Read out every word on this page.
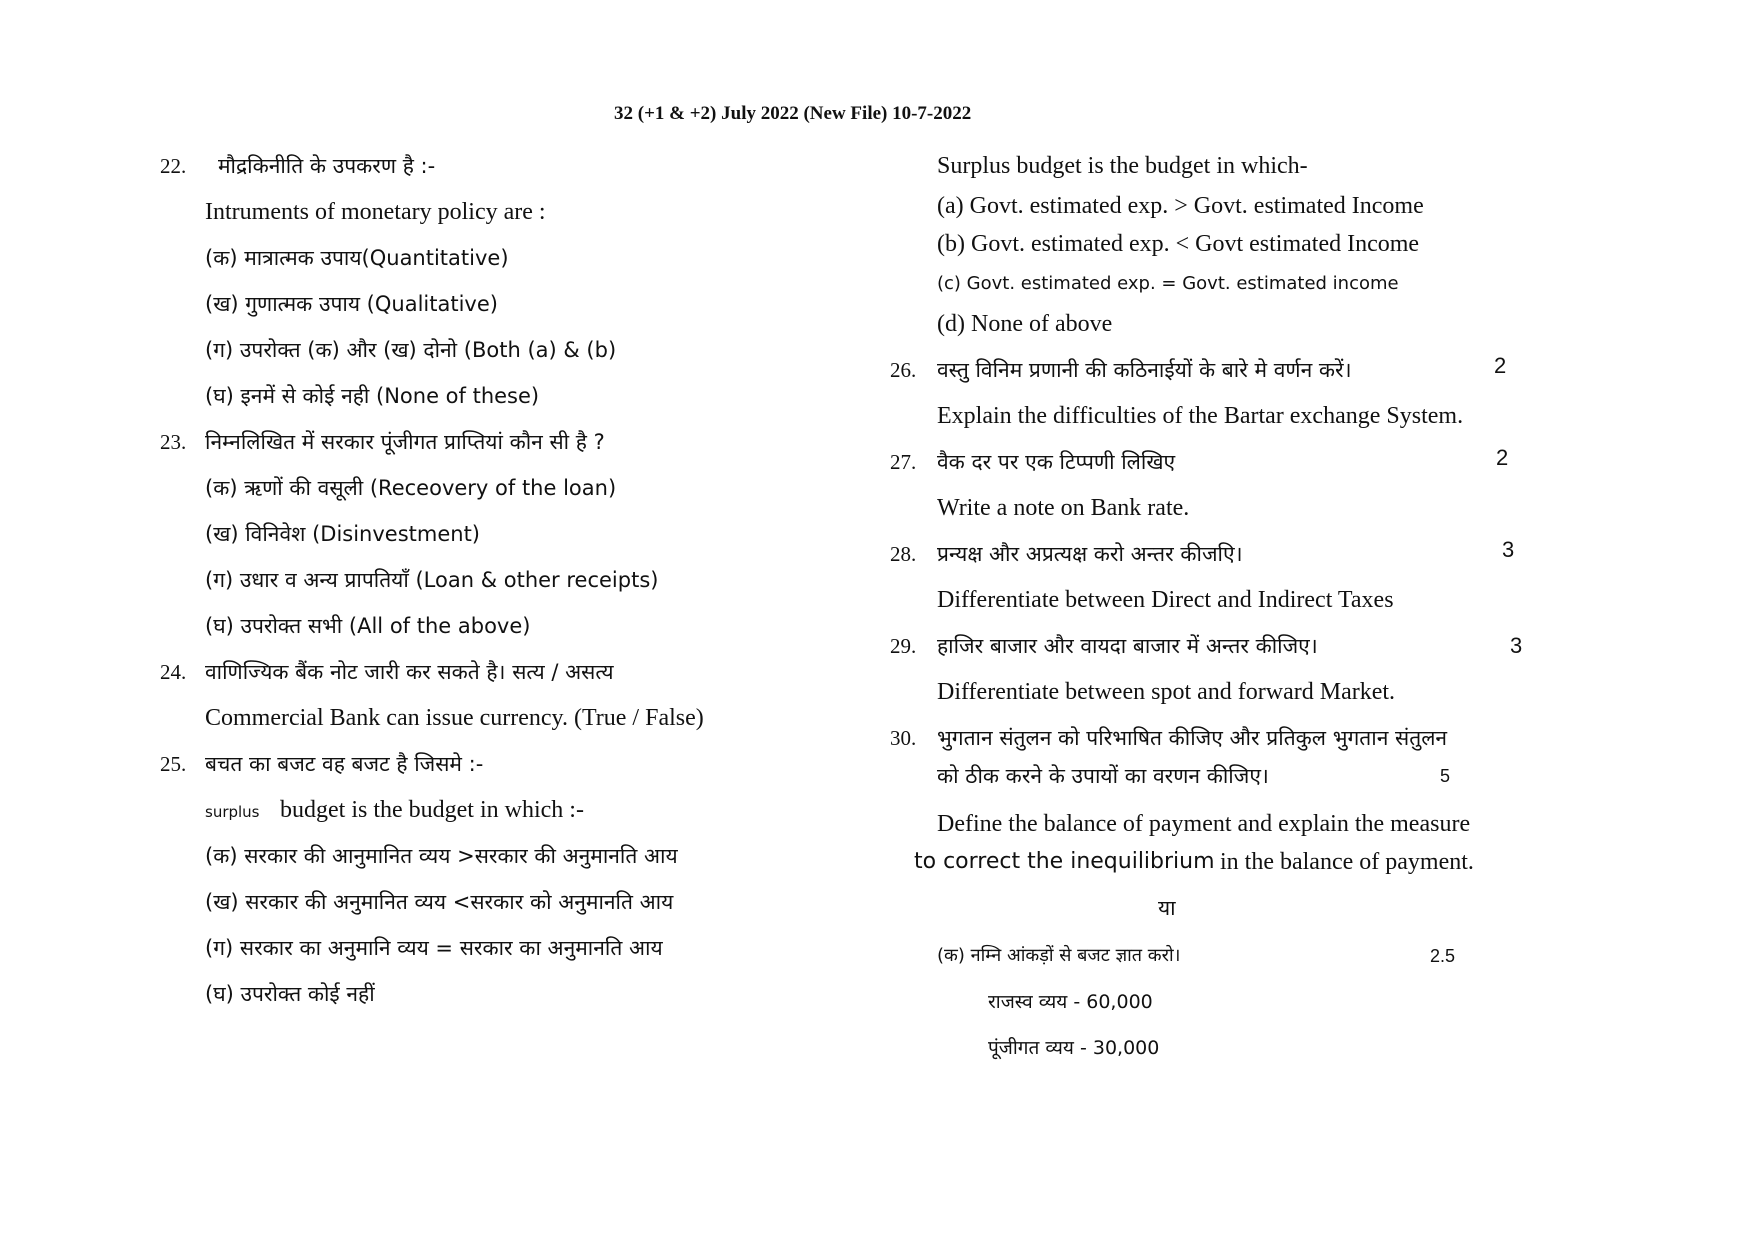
32 (+1 & +2) July 2022 (New File) 10-7-2022
22. मौद्रकिनीति के उपकरण है :-
Intruments of monetary policy are :
(क) मात्रात्मक उपाय(Quantitative)
(ख) गुणात्मक उपाय (Qualitative)
(ग) उपरोक्त (क) और (ख) दोनो (Both (a) & (b)
(घ) इनमें से कोई नही (None of these)
23. निम्नलिखित में सरकार पूंजीगत प्राप्तियां कौन सी है ?
(क) ऋणों की वसूली (Receovery of the loan)
(ख) विनिवेश (Disinvestment)
(ग) उधार व अन्य प्रापतियाँ (Loan & other receipts)
(घ) उपरोक्त सभी (All of the above)
24. वाणिज्यिक बैंक नोट जारी कर सकते है। सत्य / असत्य
Commercial Bank can issue currency. (True / False)
25. बचत का बजट वह बजट है जिसमे :-
surplus budget is the budget in which :-
(क) सरकार की आनुमानित व्यय >सरकार की अनुमानति आय
(ख) सरकार की अनुमानित व्यय <सरकार को अनुमानति आय
(ग) सरकार का अनुमानि व्यय = सरकार का अनुमानति आय
(घ) उपरोक्त कोई नहीं
Surplus budget is the budget in which-
(a) Govt. estimated exp. > Govt. estimated Income
(b) Govt. estimated exp. < Govt estimated Income
(c) Govt. estimated exp. = Govt. estimated income
(d) None of above
26. वस्तु विनिम प्रणानी की कठिनाईयों के बारे मे वर्णन करें।	2
Explain the difficulties of the Bartar exchange System.
27. वैक दर पर एक टिप्पणी लिखिए	2
Write a note on Bank rate.
28. प्रन्यक्ष और अप्रत्यक्ष करो अन्तर कीजएि।	3
Differentiate between Direct and Indirect Taxes
29. हाजिर बाजार और वायदा बाजार में अन्तर कीजिए।	3
Differentiate between spot and forward Market.
30. भुगतान संतुलन को परिभाषित कीजिए और प्रतिकुल भुगतान संतुलन
को ठीक करने के उपायों का वरणन कीजिए।	5
Define the balance of payment and explain the measure
to correct the inequilibrium in the balance of payment.
या
(क) नम्नि आंकड़ों से बजट ज्ञात करो।	2.5
राजस्व व्यय - 60,000
पूंजीगत व्यय - 30,000
